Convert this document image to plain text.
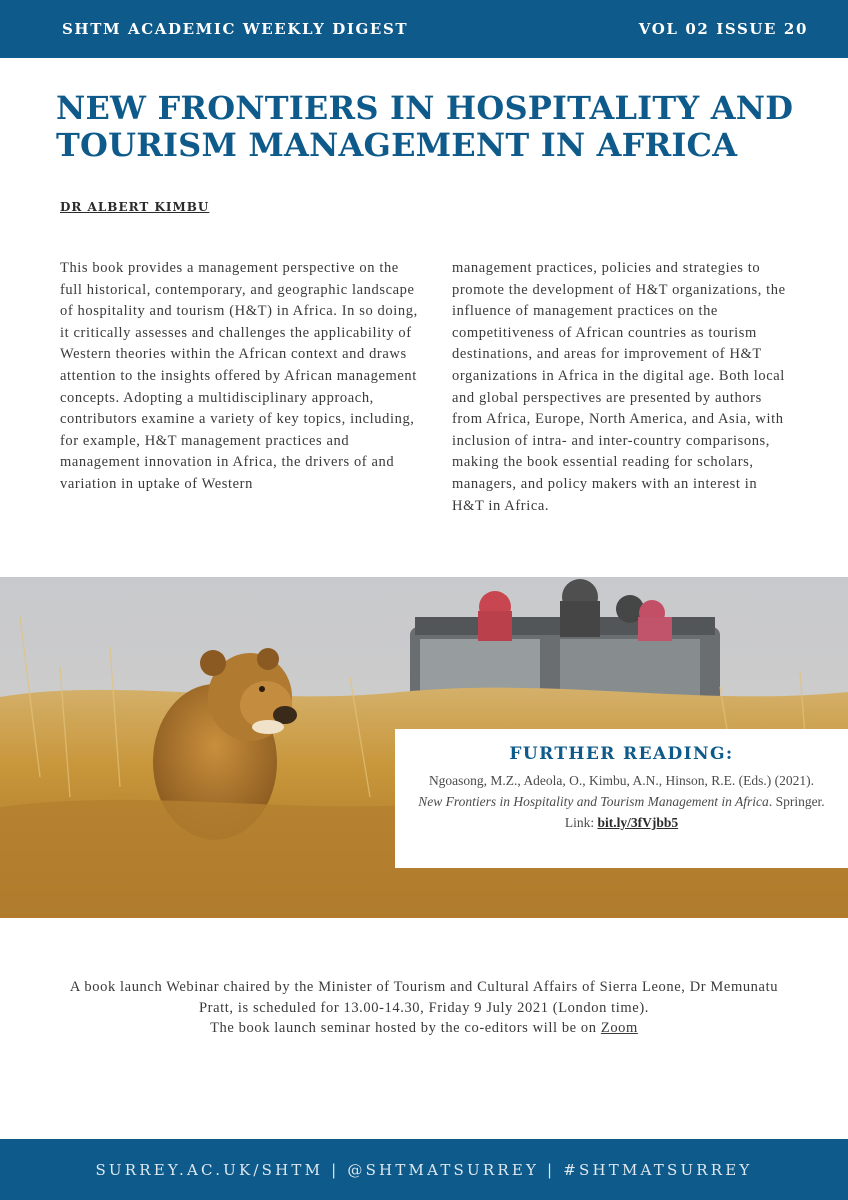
SHTM ACADEMIC WEEKLY DIGEST	VOL 02 ISSUE 20
NEW FRONTIERS IN HOSPITALITY AND TOURISM MANAGEMENT IN AFRICA
DR ALBERT KIMBU

This book provides a management perspective on the full historical, contemporary, and geographic landscape of hospitality and tourism (H&T) in Africa. In so doing, it critically assesses and challenges the applicability of Western theories within the African context and draws attention to the insights offered by African management concepts. Adopting a multidisciplinary approach, contributors examine a variety of key topics, including, for example, H&T management practices and management innovation in Africa, the drivers of and variation in uptake of Western

management practices, policies and strategies to promote the development of H&T organizations, the influence of management practices on the competitiveness of African countries as tourism destinations, and areas for improvement of H&T organizations in Africa in the digital age. Both local and global perspectives are presented by authors from Africa, Europe, North America, and Asia, with inclusion of intra- and inter-country comparisons, making the book essential reading for scholars, managers, and policy makers with an interest in H&T in Africa.

FURTHER READING:
Ngoasong, M.Z., Adeola, O., Kimbu, A.N., Hinson, R.E. (Eds.) (2021). New Frontiers in Hospitality and Tourism Management in Africa. Springer.
Link: bit.ly/3fVjbb5
A book launch Webinar chaired by the Minister of Tourism and Cultural Affairs of Sierra Leone, Dr Memunatu Pratt, is scheduled for 13.00-14.30, Friday 9 July 2021 (London time).
The book launch seminar hosted by the co-editors will be on Zoom
SURREY.AC.UK/SHTM | @SHTMATSURREY | #SHTMATSURREY
